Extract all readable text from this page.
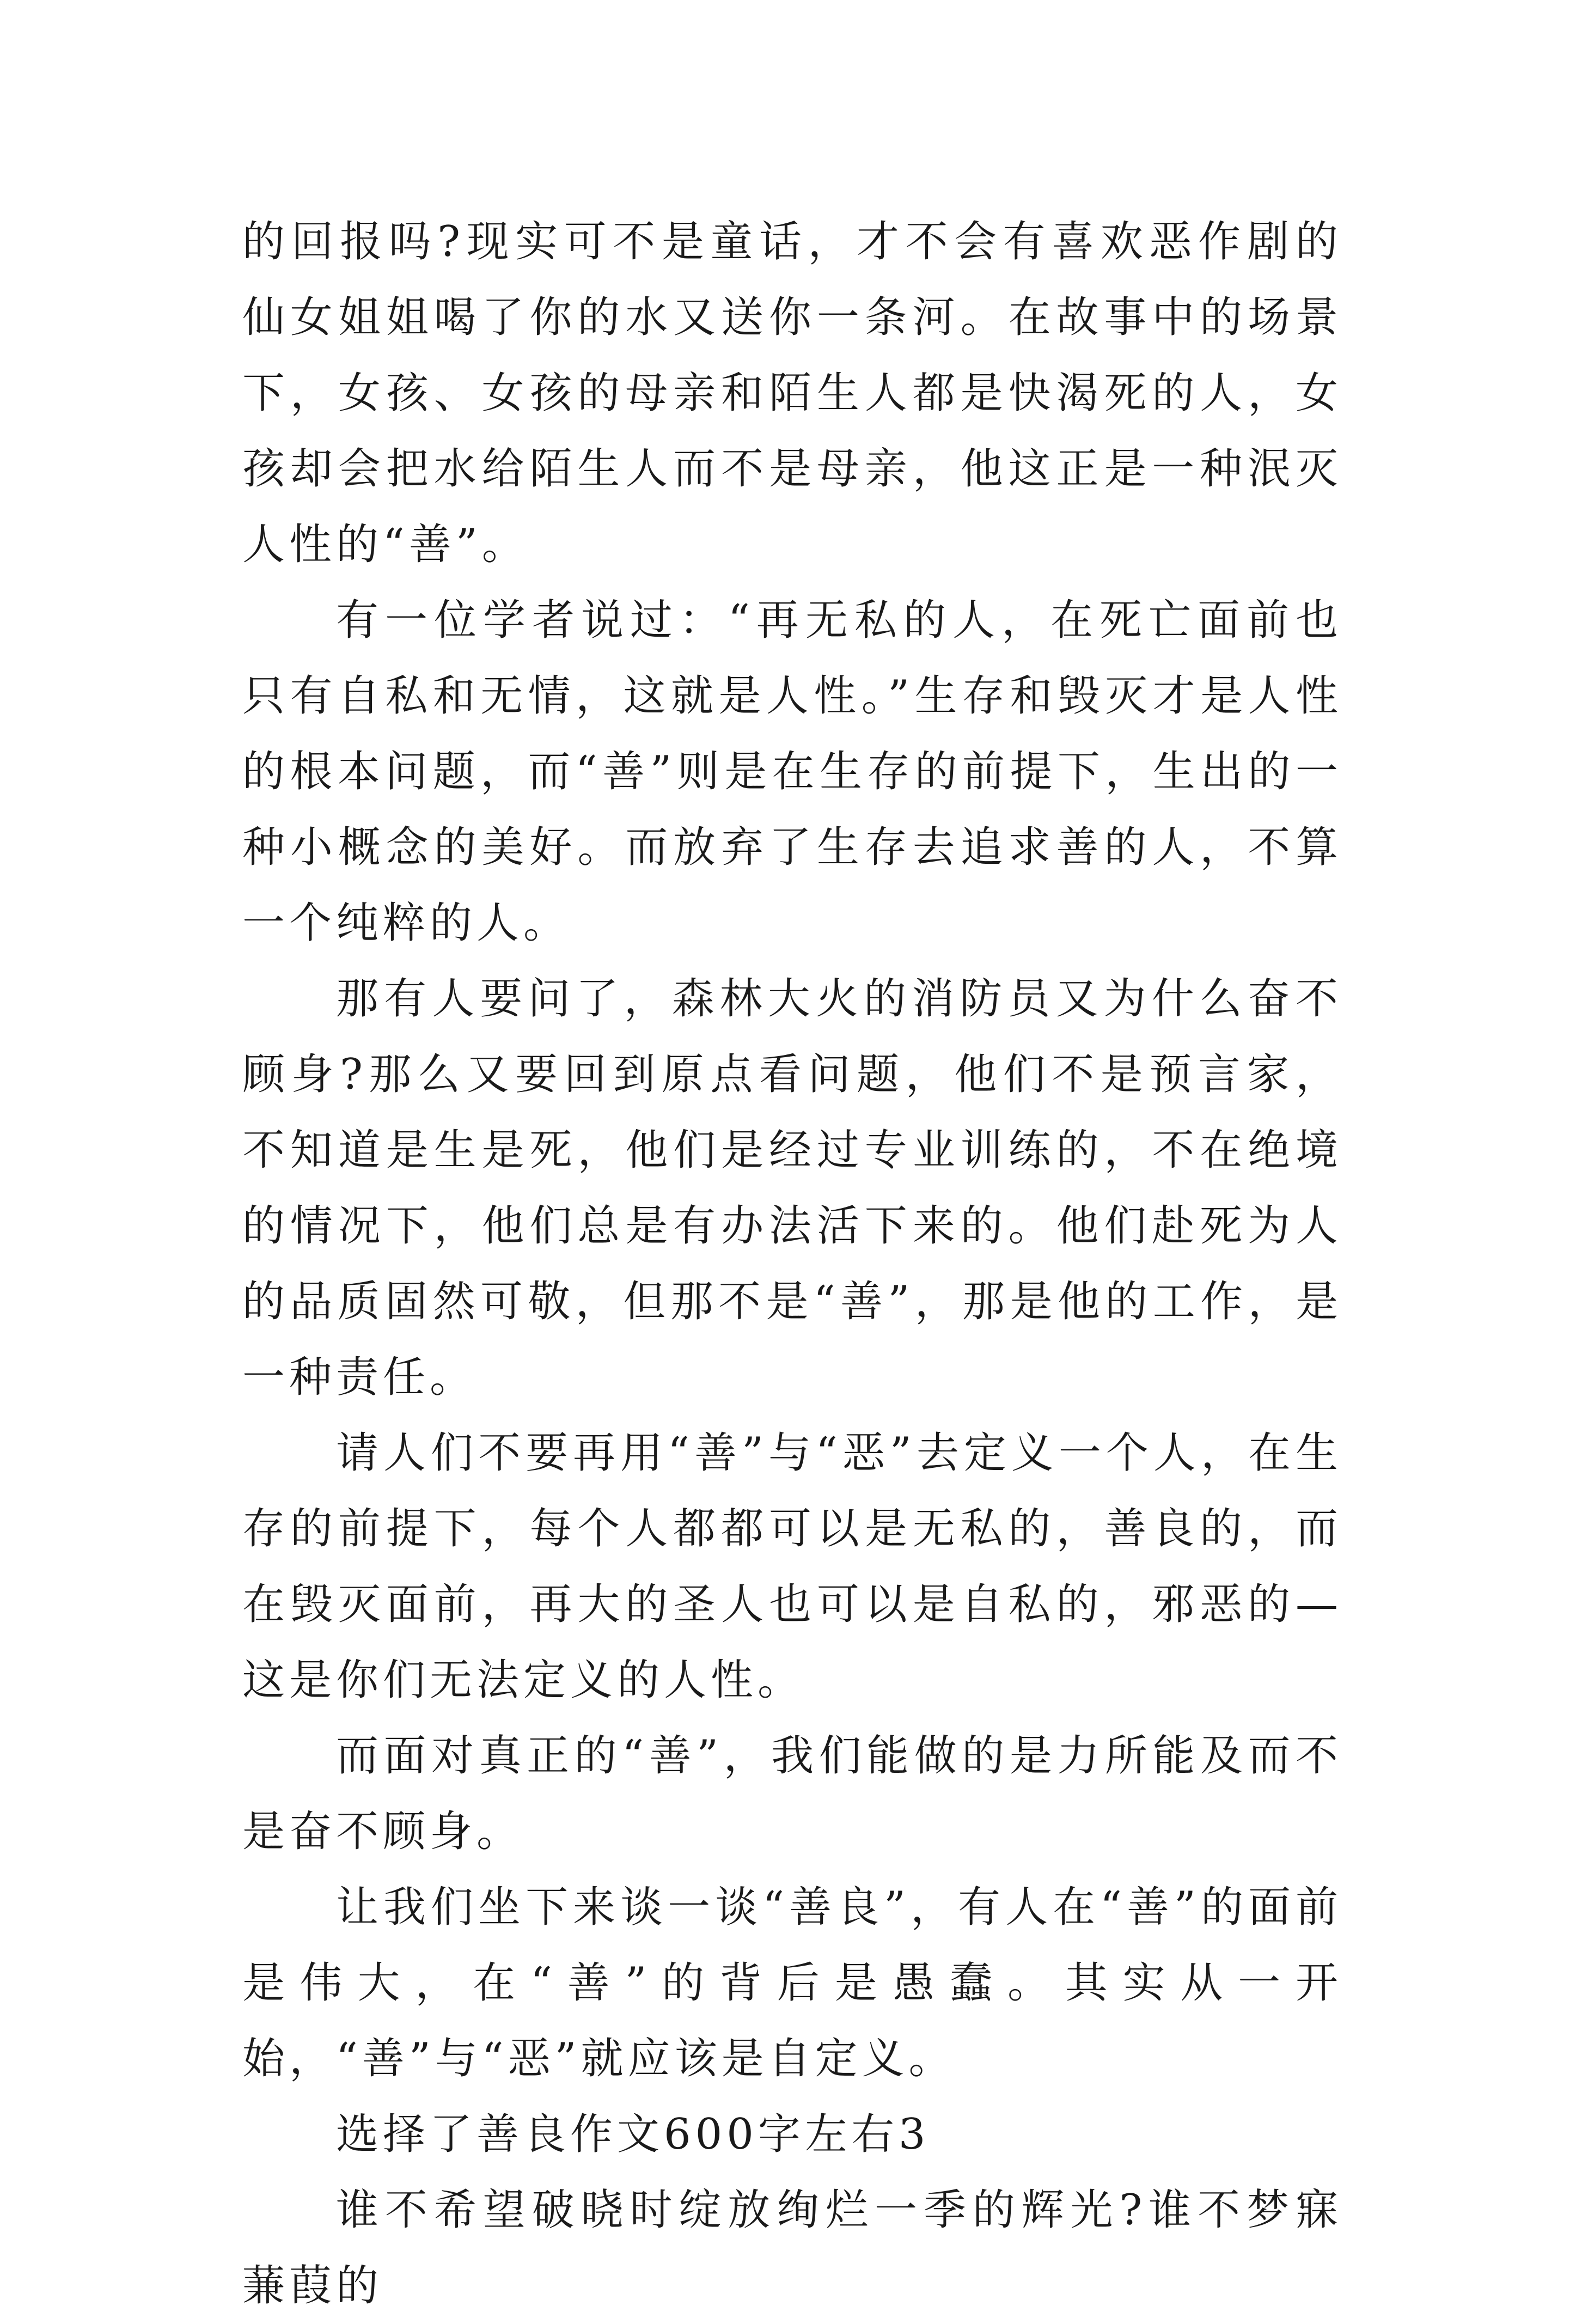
的回报吗?现实可不是童话，才不会有喜欢恶作剧的仙女姐姐喝了你的水又送你一条河。在故事中的场景下，女孩、女孩的母亲和陌生人都是快渴死的人，女孩却会把水给陌生人而不是母亲，他这正是一种泯灭人性的“善”。

有一位学者说过：“再无私的人，在死亡面前也只有自私和无情，这就是人性。”生存和毁灭才是人性的根本问题，而“善”则是在生存的前提下，生出的一种小概念的美好。而放弃了生存去追求善的人，不算一个纯粹的人。

那有人要问了，森林大火的消防员又为什么奋不顾身?那么又要回到原点看问题，他们不是预言家，不知道是生是死，他们是经过专业训练的，不在绝境的情况下，他们总是有办法活下来的。他们赴死为人的品质固然可敬，但那不是“善”，那是他的工作，是一种责任。

请人们不要再用“善”与“恶”去定义一个人，在生存的前提下，每个人都都可以是无私的，善良的，而在毁灭面前，再大的圣人也可以是自私的，邪恶的—这是你们无法定义的人性。

而面对真正的“善”，我们能做的是力所能及而不是奋不顾身。

让我们坐下来谈一谈“善良”，有人在“善”的面前是伟大，在“善”的背后是愚蠢。其实从一开始，“善”与“恶”就应该是自定义。

选择了善良作文600字左右3

谁不希望破晓时绽放绚烂一季的辉光?谁不梦寐蒹葭的
